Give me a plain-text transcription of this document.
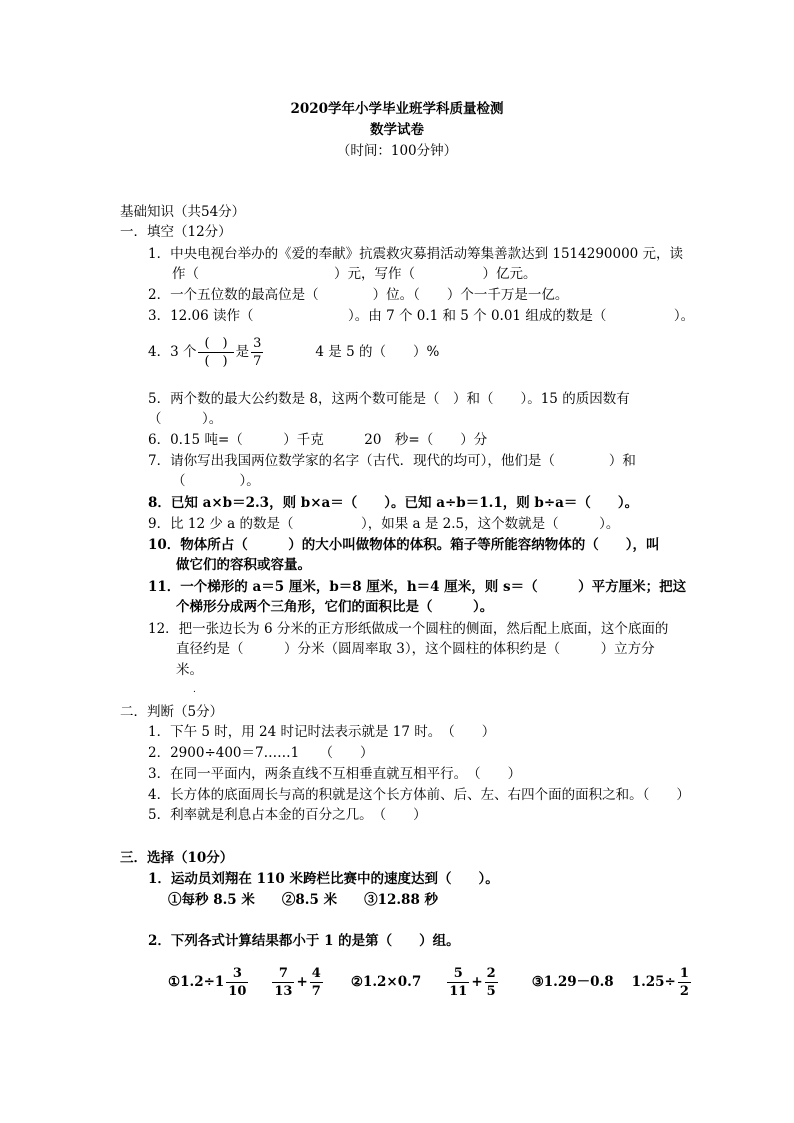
2020学年小学毕业班学科质量检测
数学试卷
（时间：100分钟）
基础知识（共54分）
一．填空（12分）
1．中央电视台举办的《爱的奉献》抗震救灾募捐活动筹集善款达到 1514290000 元，读
作（　　　　　　　　　　）元，写作（　　　　　）亿元。
2．一个五位数的最高位是（　　　　）位。（　　）个一千万是一亿。
3．12.06 读作（　　　　　　　）。由 7 个 0.1 和 5 个 0.01 组成的数是（　　　　　）。
4．3 个 $\frac{( )}{( )}$ 是 $\frac{3}{7}$	4 是 5 的（　　）%
5．两个数的最大公约数是 8，这两个数可能是（　）和（　　）。15 的质因数有
（　　　）。
6．0.15 吨=（　　　）千克　　　20　秒=（　　）分
7．请你写出我国两位数学家的名字（古代．现代的均可），他们是（　　　　）和
（　　　　）。
8．已知 a×b＝2.3，则 b×a＝（　　）。已知 a÷b＝1.1，则 b÷a＝（　　）。
9．比 12 少 a 的数是（　　　　　），如果 a 是 2.5，这个数就是（　　　）。
10．物体所占（　　　）的大小叫做物体的体积。箱子等所能容纳物体的（　　），叫
做它们的容积或容量。
11．一个梯形的 a＝5 厘米，b＝8 厘米，h＝4 厘米，则 s＝（　　　）平方厘米；把这
个梯形分成两个三角形，它们的面积比是（　　　）。
12．把一张边长为 6 分米的正方形纸做成一个圆柱的侧面，然后配上底面，这个底面的
直径约是（　　　）分米（圆周率取 3），这个圆柱的体积约是（　　　）立方分
米。
.
二．判断（5分）
1．下午 5 时，用 24 时记时法表示就是 17 时。　（　　）
2．2900÷400＝7……1　　（　　）
3．在同一平面内，两条直线不互相垂直就互相平行。　（　　）
4．长方体的底面周长与高的积就是这个长方体前、后、左、右四个面的面积之和。（　　）
5．利率就是利息占本金的百分之几。　（　　）
三．选择（10分）
1．运动员刘翔在 110 米跨栏比赛中的速度达到（　　）。
①每秒 8.5 米　　②8.5 米　　③12.88 秒
2．下列各式计算结果都小于 1 的是第（　　）组。
①1.2÷1 $\frac{3}{10} \frac{7}{13} + \frac{4}{7}$ ②1.2×0.7 $\frac{5}{11} + \frac{2}{5}$	③1.29－0.8 $1.25\div \frac{1}{2}$
